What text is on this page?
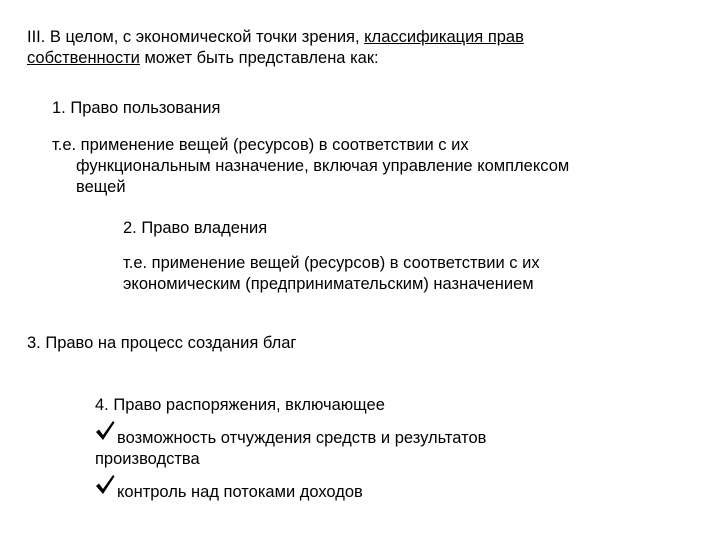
III. В целом, с экономической точки зрения, классификация прав
собственности может быть представлена как:
1. Право пользования
т.е. применение вещей (ресурсов) в соответствии с их
функциональным назначение, включая управление комплексом
вещей
2. Право владения
т.е. применение вещей (ресурсов) в соответствии с их
экономическим (предпринимательским) назначением
3. Право на процесс создания благ
4. Право распоряжения, включающее
возможность отчуждения средств и результатов
производства
контроль над потоками доходов
